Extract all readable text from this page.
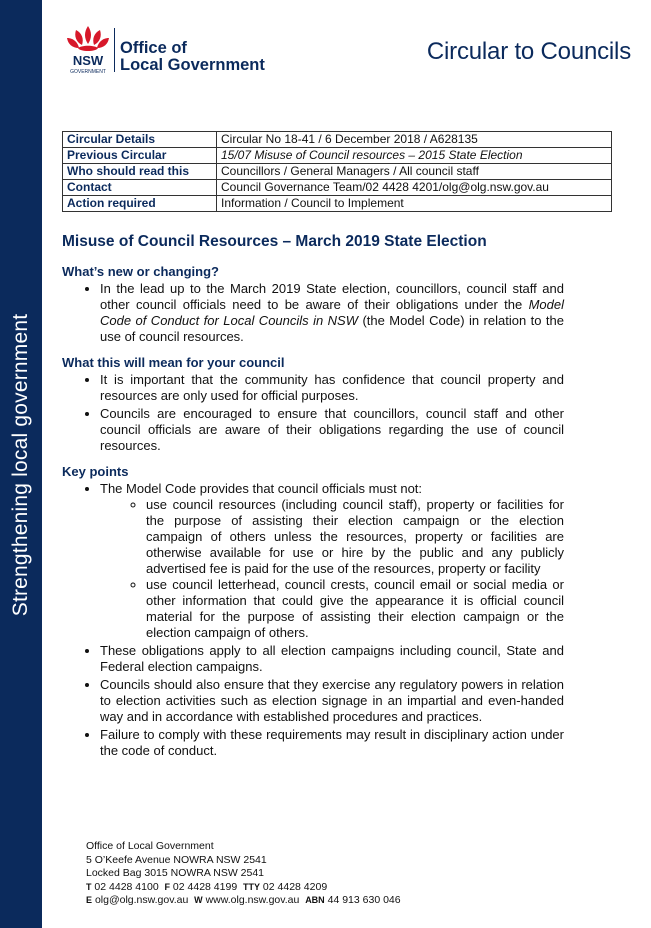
Strengthening local government
NSW
GOVERNMENT
Office of
Local Government	Circular to Councils
Circular Details	Circular No 18-41 / 6 December 2018 / A628135
Previous Circular	15/07 Misuse of Council resources – 2015 State Election
Who should read this	Councillors / General Managers / All council staff
Contact	Council Governance Team/02 4428 4201/olg@olg.nsw.gov.au
Action required	Information / Council to Implement
Misuse of Council Resources – March 2019 State Election
What’s new or changing?
• In the lead up to the March 2019 State election, councillors, council staff and other council officials need to be aware of their obligations under the Model Code of Conduct for Local Councils in NSW (the Model Code) in relation to the use of council resources.
What this will mean for your council
• It is important that the community has confidence that council property and resources are only used for official purposes.
• Councils are encouraged to ensure that councillors, council staff and other council officials are aware of their obligations regarding the use of council resources.
Key points
• The Model Code provides that council officials must not:
◦ use council resources (including council staff), property or facilities for the purpose of assisting their election campaign or the election campaign of others unless the resources, property or facilities are otherwise available for use or hire by the public and any publicly advertised fee is paid for the use of the resources, property or facility
◦ use council letterhead, council crests, council email or social media or other information that could give the appearance it is official council material for the purpose of assisting their election campaign or the election campaign of others.
• These obligations apply to all election campaigns including council, State and Federal election campaigns.
• Councils should also ensure that they exercise any regulatory powers in relation to election activities such as election signage in an impartial and even-handed way and in accordance with established procedures and practices.
• Failure to comply with these requirements may result in disciplinary action under the code of conduct.
Office of Local Government
5 O’Keefe Avenue NOWRA NSW 2541
Locked Bag 3015 NOWRA NSW 2541
T 02 4428 4100 F 02 4428 4199 TTY 02 4428 4209
E olg@olg.nsw.gov.au W www.olg.nsw.gov.au ABN 44 913 630 046
